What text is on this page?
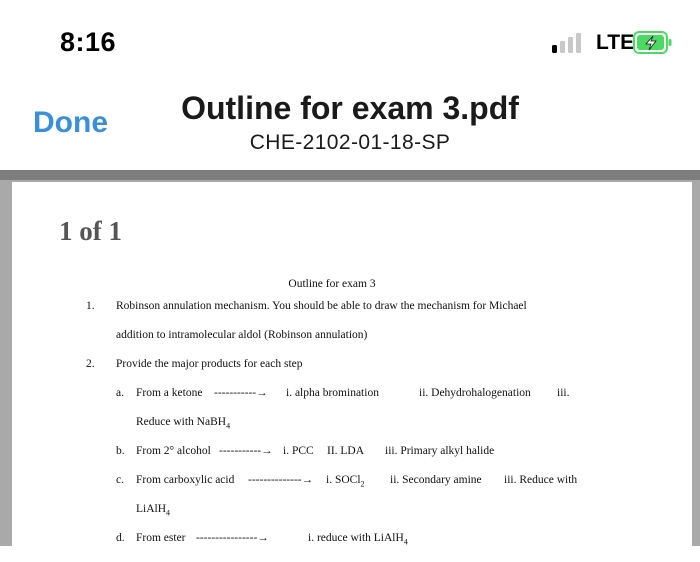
8:16	LTE
Done	Outline for exam 3.pdf
CHE-2102-01-18-SP
1 of 1
Outline for exam 3
1. Robinson annulation mechanism. You should be able to draw the mechanism for Michael
addition to intramolecular aldol (Robinson annulation)
2. Provide the major products for each step
a. From a ketone -----------→ i. alpha bromination	ii. Dehydrohalogenation iii.
Reduce with NaBH$_4$
b. From 2° alcohol -----------→ i. PCC II. LDA iii. Primary alkyl halide
c. From carboxylic acid --------------→ i. SOCl$_2$ ii. Secondary amine iii. Reduce with
LiAlH$_4$
d. From ester ----------------→	i. reduce with LiAlH$_4$
